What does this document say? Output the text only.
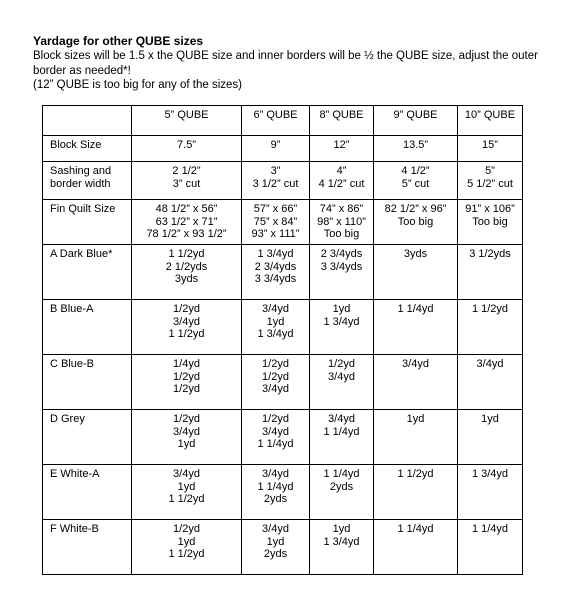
Yardage for other QUBE sizes

Block sizes will be 1.5 x the QUBE size and inner borders will be ½ the QUBE size, adjust the outer

border as needed*!

(12” QUBE is too big for any of the sizes)

	5” QUBE	6” QUBE	8” QUBE	9” QUBE	10” QUBE
Block Size	7.5”	9”	12”	13.5”	15”

Sashing and
border width	2 1/2”
3” cut	3”
3 1/2” cut	4”
4 1/2” cut	4 1/2”
5” cut	5”
5 1/2” cut

Fin Quilt Size	48 1/2” x 56”
63 1/2” x 71”
78 1/2” x 93 1/2”	57” x 66”
75” x 84”
93” x 111”	74” x 86”
98” x 110”
Too big	82 1/2” x 96”
Too big	91” x 106”
Too big

A Dark Blue*	1 1/2yd
2 1/2yds
3yds	1 3/4yd
2 3/4yds
3 3/4yds	2 3/4yds
3 3/4yds	3yds	3 1/2yds

B Blue-A	1/2yd
3/4yd
1 1/2yd	3/4yd
1yd
1 3/4yd	1yd
1 3/4yd	1 1/4yd	1 1/2yd

C Blue-B	1/4yd
1/2yd
1/2yd	1/2yd
1/2yd
3/4yd	1/2yd
3/4yd	3/4yd	3/4yd

D Grey	1/2yd
3/4yd
1yd	1/2yd
3/4yd
1 1/4yd	3/4yd
1 1/4yd	1yd	1yd

E White-A	3/4yd
1yd
1 1/2yd	3/4yd
1 1/4yd
2yds	1 1/4yd
2yds	1 1/2yd	1 3/4yd

F White-B	1/2yd
1yd
1 1/2yd	3/4yd
1yd
2yds	1yd
1 3/4yd	1 1/4yd	1 1/4yd
